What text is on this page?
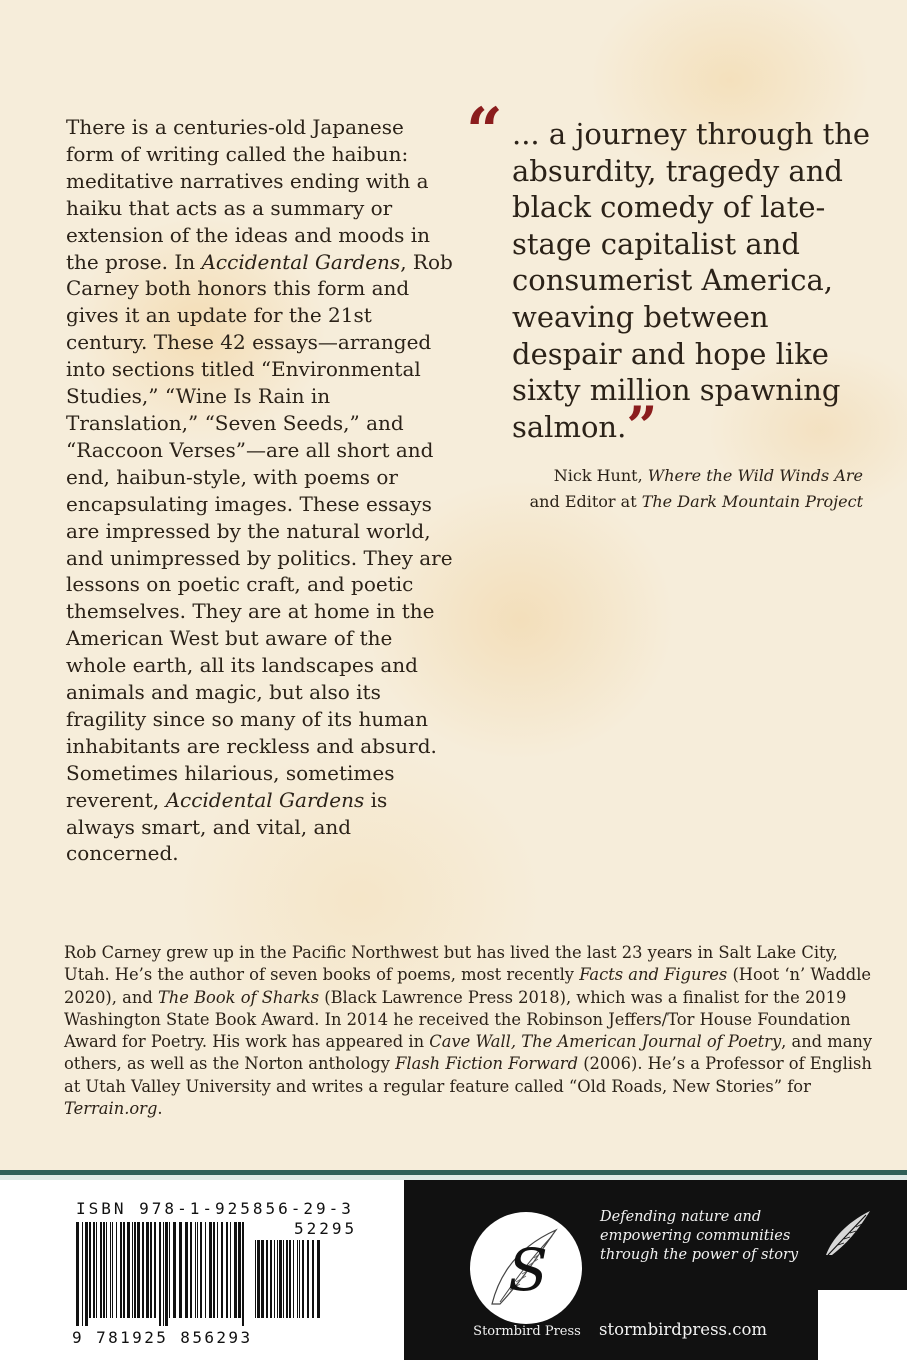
There is a centuries-old Japanese form of writing called the haibun: meditative narratives ending with a haiku that acts as a summary or extension of the ideas and moods in the prose. In Accidental Gardens, Rob Carney both honors this form and gives it an update for the 21st century. These 42 essays—arranged into sections titled “Environmental Studies,” “Wine Is Rain in Translation,” “Seven Seeds,” and “Raccoon Verses”—are all short and end, haibun-style, with poems or encapsulating images. These essays are impressed by the natural world, and unimpressed by politics. They are lessons on poetic craft, and poetic themselves. They are at home in the American West but aware of the whole earth, all its landscapes and animals and magic, but also its fragility since so many of its human inhabitants are reckless and absurd. Sometimes hilarious, sometimes reverent, Accidental Gardens is always smart, and vital, and concerned.

“ ... a journey through the absurdity, tragedy and black comedy of late-stage capitalist and consumerist America, weaving between despair and hope like sixty million spawning salmon.”

Nick Hunt, Where the Wild Winds Are
and Editor at The Dark Mountain Project

Rob Carney grew up in the Pacific Northwest but has lived the last 23 years in Salt Lake City, Utah. He’s the author of seven books of poems, most recently Facts and Figures (Hoot ‘n’ Waddle 2020), and The Book of Sharks (Black Lawrence Press 2018), which was a finalist for the 2019 Washington State Book Award. In 2014 he received the Robinson Jeffers/Tor House Foundation Award for Poetry. His work has appeared in Cave Wall, The American Journal of Poetry, and many others, as well as the Norton anthology Flash Fiction Forward (2006). He’s a Professor of English at Utah Valley University and writes a regular feature called “Old Roads, New Stories” for Terrain.org.

ISBN 978-1-925856-29-3
52295
9 781925 856293
S
Stormbird Press

Defending nature and empowering communities through the power of story

stormbirdpress.com
